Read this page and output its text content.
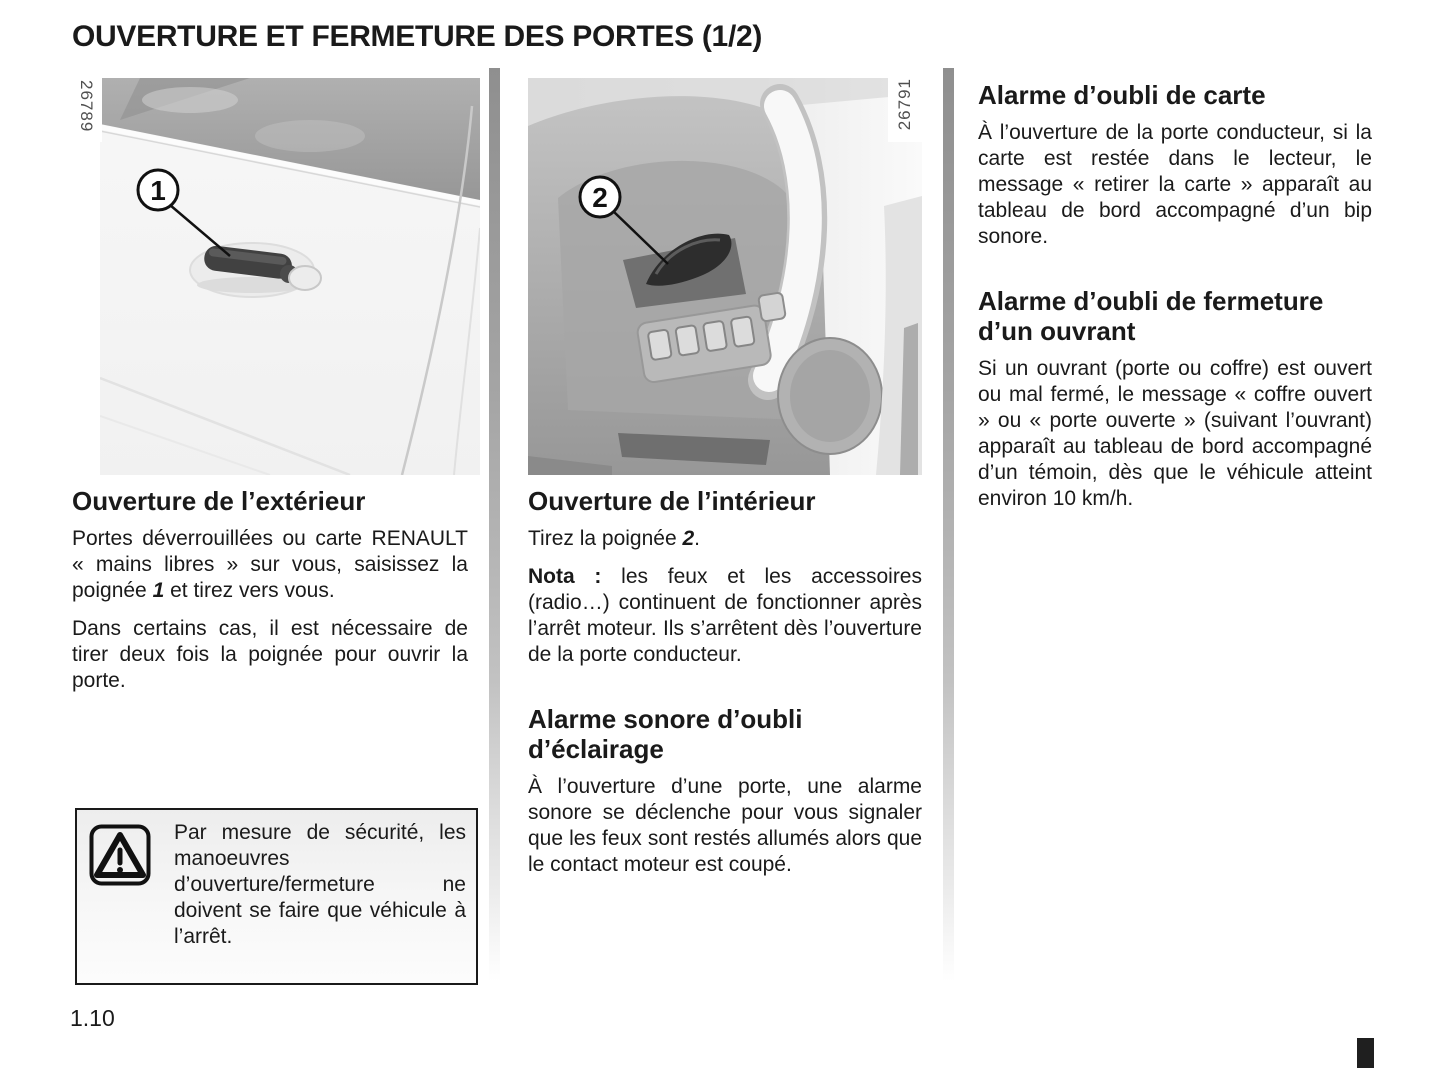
OUVERTURE ET FERMETURE DES PORTES (1/2)
1
26789
2
26791

Ouverture de l’extérieur

Portes déverrouillées ou carte RENAULT « mains libres » sur vous, saisissez la poignée 1 et tirez vers vous.

Dans certains cas, il est nécessaire de tirer deux fois la poignée pour ouvrir la porte.

Ouverture de l’intérieur

Tirez la poignée 2.

Nota : les feux et les accessoires (radio…) continuent de fonctionner après l’arrêt moteur. Ils s’arrêtent dès l’ouverture de la porte conducteur.

Alarme sonore d’oubli d’éclairage

À l’ouverture d’une porte, une alarme sonore se déclenche pour vous signaler que les feux sont restés allumés alors que le contact moteur est coupé.

Alarme d’oubli de carte

À l’ouverture de la porte conducteur, si la carte est restée dans le lecteur, le message « retirer la carte » apparaît au tableau de bord accompagné d’un bip sonore.

Alarme d’oubli de fermeture d’un ouvrant

Si un ouvrant (porte ou coffre) est ouvert ou mal fermé, le message « coffre ouvert » ou « porte ouverte » (suivant l’ouvrant) apparaît au tableau de bord accompagné d’un témoin, dès que le véhicule atteint environ 10 km/h.

Par mesure de sécurité, les manoeuvres d’ouverture/fermeture ne doivent se faire que véhicule à l’arrêt.
1.10
